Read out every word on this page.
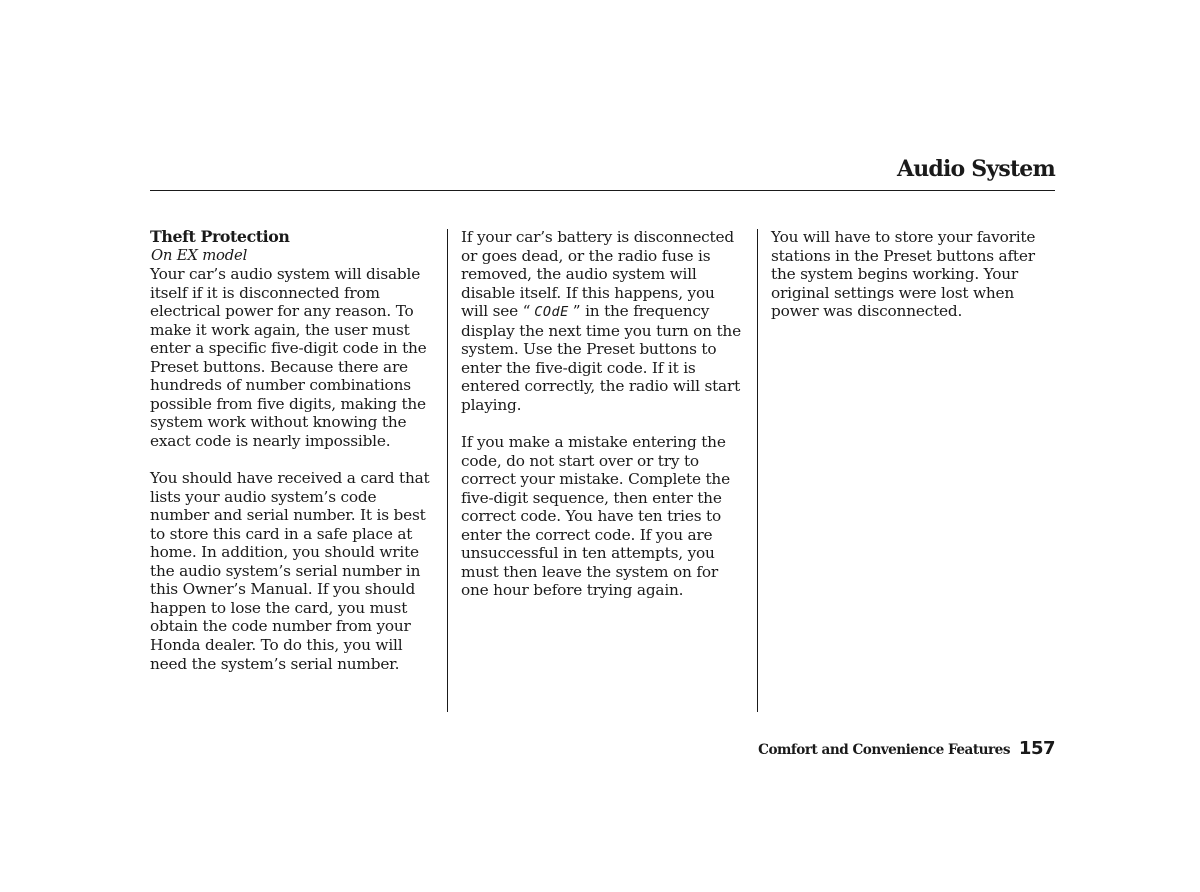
Audio System
Theft Protection
On EX model

Your car’s audio system will disable
itself if it is disconnected from
electrical power for any reason. To
make it work again, the user must
enter a specific five-digit code in the
Preset buttons. Because there are
hundreds of number combinations
possible from five digits, making the
system work without knowing the
exact code is nearly impossible.

You should have received a card that
lists your audio system’s code
number and serial number. It is best
to store this card in a safe place at
home. In addition, you should write
the audio system’s serial number in
this Owner’s Manual. If you should
happen to lose the card, you must
obtain the code number from your
Honda dealer. To do this, you will
need the system’s serial number.

If your car’s battery is disconnected
or goes dead, or the radio fuse is
removed, the audio system will
disable itself. If this happens, you
will see “ COdE ” in the frequency
display the next time you turn on the
system. Use the Preset buttons to
enter the five-digit code. If it is
entered correctly, the radio will start
playing.

If you make a mistake entering the
code, do not start over or try to
correct your mistake. Complete the
five-digit sequence, then enter the
correct code. You have ten tries to
enter the correct code. If you are
unsuccessful in ten attempts, you
must then leave the system on for
one hour before trying again.

You will have to store your favorite
stations in the Preset buttons after
the system begins working. Your
original settings were lost when
power was disconnected.

Comfort and Convenience Features 157
